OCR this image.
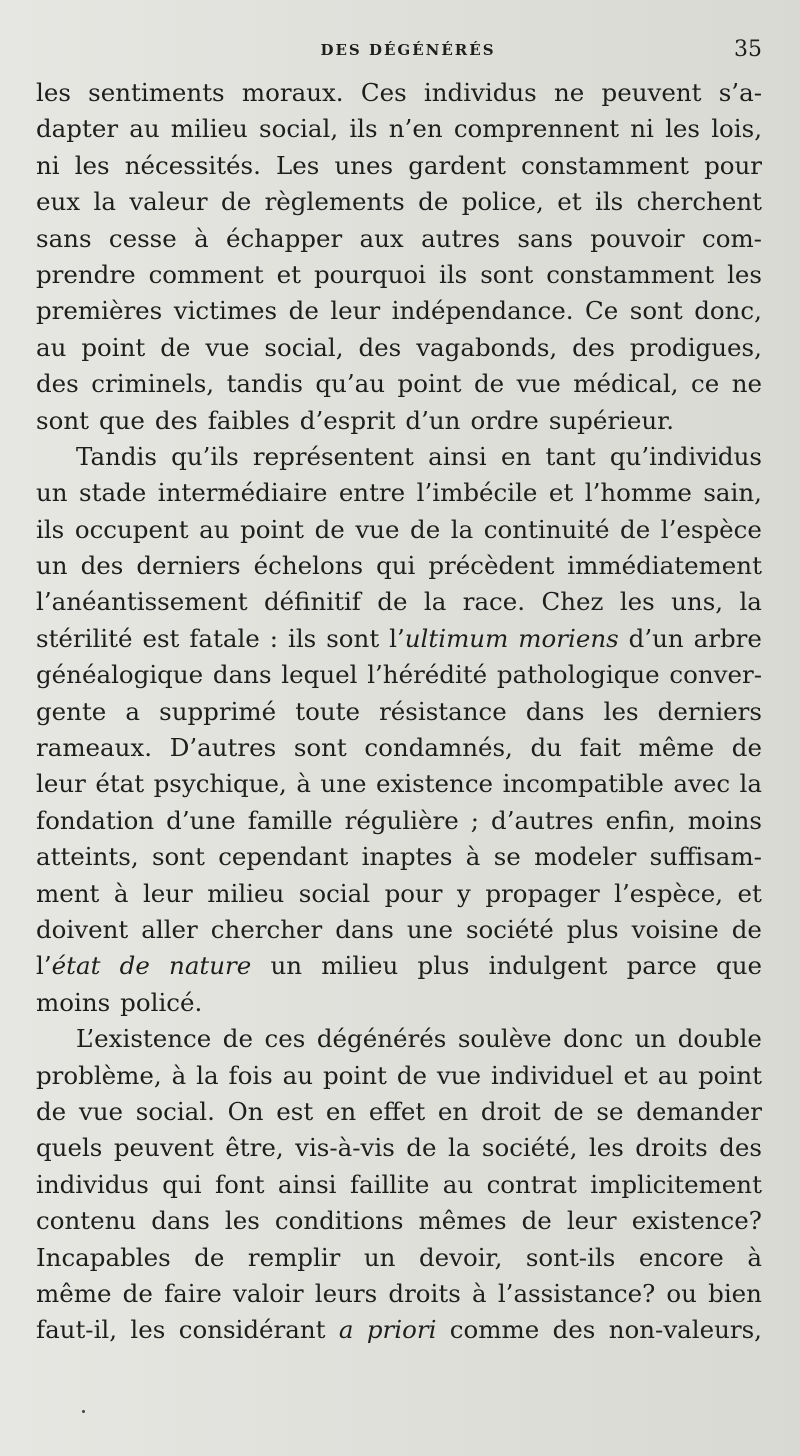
DES DÉGÉNÉRÉS	35
les sentiments moraux. Ces individus ne peuvent s’a-
dapter au milieu social, ils n’en comprennent ni les lois,
ni les nécessités. Les unes gardent constamment pour
eux la valeur de règlements de police, et ils cherchent
sans cesse à échapper aux autres sans pouvoir com-
prendre comment et pourquoi ils sont constamment les
premières victimes de leur indépendance. Ce sont donc,
au point de vue social, des vagabonds, des prodigues,
des criminels, tandis qu’au point de vue médical, ce ne
sont que des faibles d’esprit d’un ordre supérieur.
Tandis qu’ils représentent ainsi en tant qu’individus
un stade intermédiaire entre l’imbécile et l’homme sain,
ils occupent au point de vue de la continuité de l’espèce
un des derniers échelons qui précèdent immédiatement
l’anéantissement définitif de la race. Chez les uns, la
stérilité est fatale : ils sont l’ultimum moriens d’un arbre
généalogique dans lequel l’hérédité pathologique conver-
gente a supprimé toute résistance dans les derniers
rameaux. D’autres sont condamnés, du fait même de
leur état psychique, à une existence incompatible avec la
fondation d’une famille régulière ; d’autres enfin, moins
atteints, sont cependant inaptes à se modeler suffisam-
ment à leur milieu social pour y propager l’espèce, et
doivent aller chercher dans une société plus voisine de
l’état de nature un milieu plus indulgent parce que
moins policé.
L’existence de ces dégénérés soulève donc un double
problème, à la fois au point de vue individuel et au point
de vue social. On est en effet en droit de se demander
quels peuvent être, vis-à-vis de la société, les droits des
individus qui font ainsi faillite au contrat implicitement
contenu dans les conditions mêmes de leur existence?
Incapables de remplir un devoir, sont-ils encore à
même de faire valoir leurs droits à l’assistance? ou bien
faut-il, les considérant a priori comme des non-valeurs,
